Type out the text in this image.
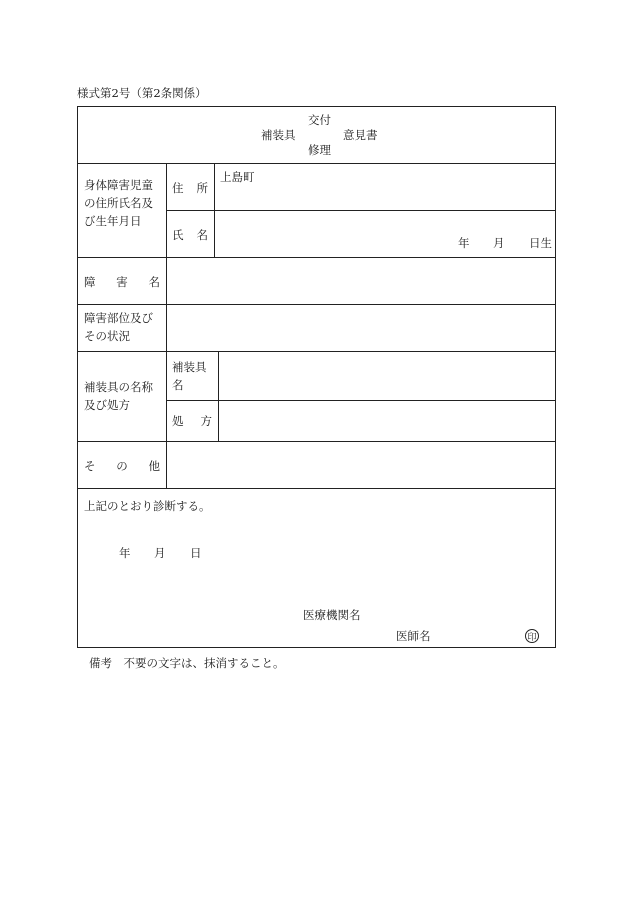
様式第2号（第2条関係）
交付
補装具	意見書
修理
身体障害児童の住所氏名及び生年月日
住 所
上島町
氏 名
年 月 日生
障 害 名
障害部位及びその状況
補装具の名称及び処方
補装具名
処 方
そ の 他
上記のとおり診断する。
年 月 日
医療機関名
医師名	印
備考　不要の文字は、抹消すること。
